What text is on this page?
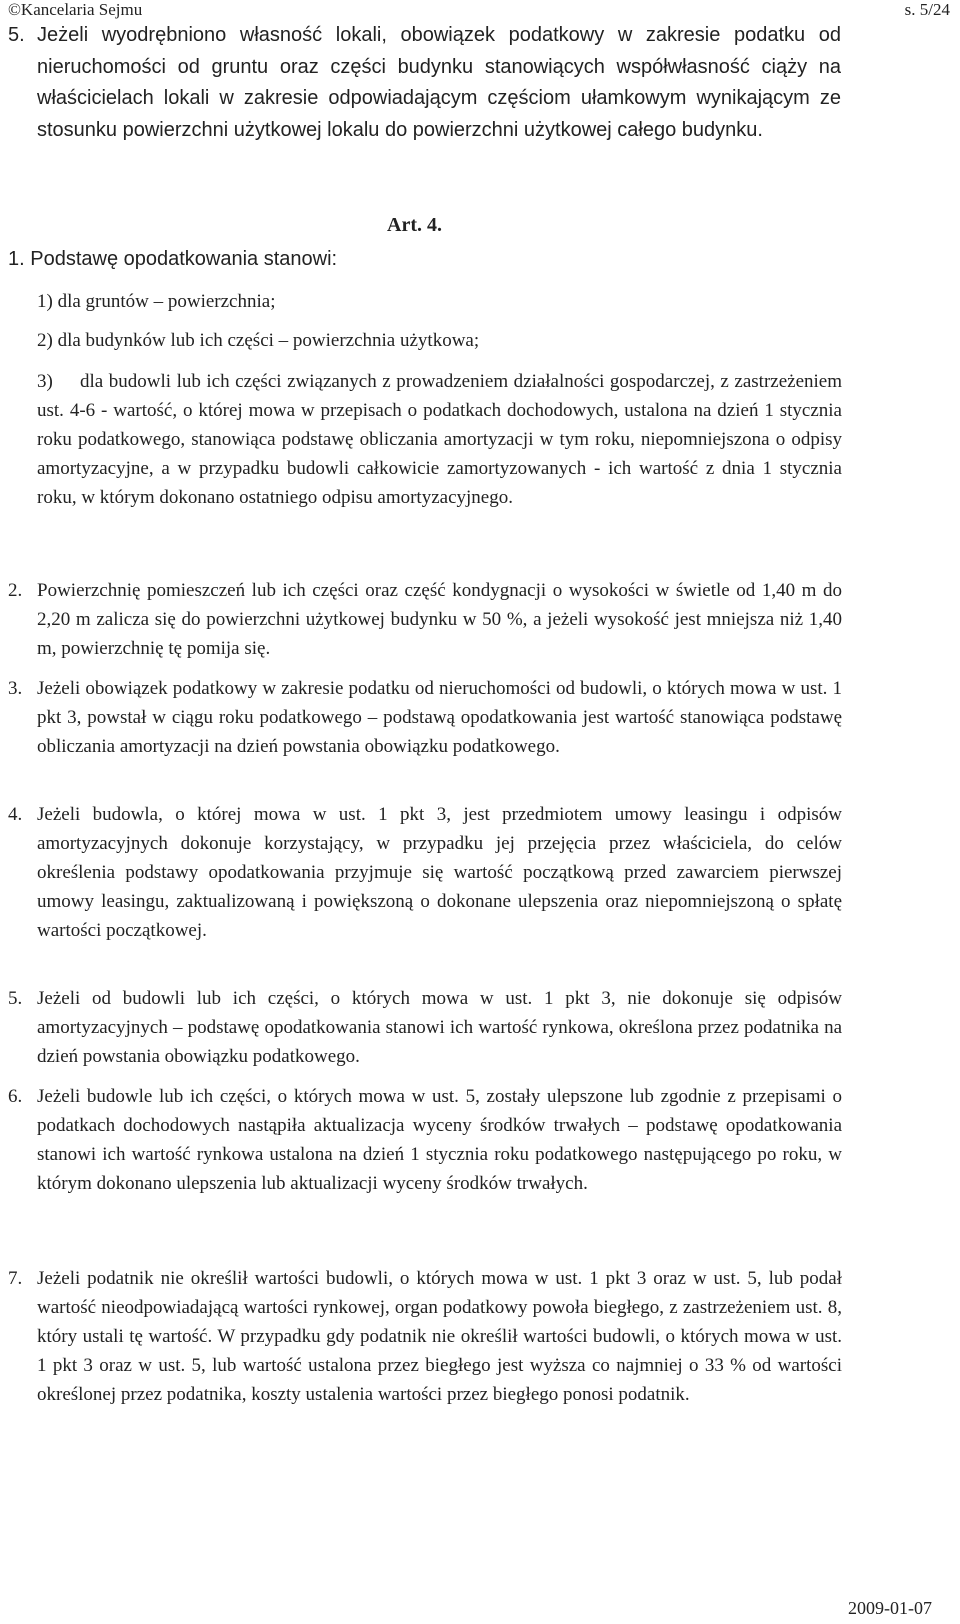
©Kancelaria Sejmu	s. 5/24
5. Jeżeli wyodrębniono własność lokali, obowiązek podatkowy w zakresie podatku od nieruchomości od gruntu oraz części budynku stanowiących współwłasność ciąży na właścicielach lokali w zakresie odpowiadającym częściom ułamkowym wynikającym ze stosunku powierzchni użytkowej lokalu do powierzchni użytkowej całego budynku.
Art. 4.
1. Podstawę opodatkowania stanowi:
1) dla gruntów – powierzchnia;
2) dla budynków lub ich części – powierzchnia użytkowa;
3)	dla budowli lub ich części związanych z prowadzeniem działalności gospodarczej, z zastrzeżeniem ust. 4-6 - wartość, o której mowa w przepisach o podatkach dochodowych, ustalona na dzień 1 stycznia roku podatkowego, stanowiąca podstawę obliczania amortyzacji w tym roku, niepomniejszona o odpisy amortyzacyjne, a w przypadku budowli całkowicie zamortyzowanych - ich wartość z dnia 1 stycznia roku, w którym dokonano ostatniego odpisu amortyzacyjnego.
2. Powierzchnię pomieszczeń lub ich części oraz część kondygnacji o wysokości w świetle od 1,40 m do 2,20 m zalicza się do powierzchni użytkowej budynku w 50 %, a jeżeli wysokość jest mniejsza niż 1,40 m, powierzchnię tę pomija się.
3. Jeżeli obowiązek podatkowy w zakresie podatku od nieruchomości od budowli, o których mowa w ust. 1 pkt 3, powstał w ciągu roku podatkowego – podstawą opodatkowania jest wartość stanowiąca podstawę obliczania amortyzacji na dzień powstania obowiązku podatkowego.
4. Jeżeli budowla, o której mowa w ust. 1 pkt 3, jest przedmiotem umowy leasingu i odpisów amortyzacyjnych dokonuje korzystający, w przypadku jej przejęcia przez właściciela, do celów określenia podstawy opodatkowania przyjmuje się wartość początkową przed zawarciem pierwszej umowy leasingu, zaktualizowaną i powiększoną o dokonane ulepszenia oraz niepomniejszoną o spłatę wartości początkowej.
5. Jeżeli od budowli lub ich części, o których mowa w ust. 1 pkt 3, nie dokonuje się odpisów amortyzacyjnych – podstawę opodatkowania stanowi ich wartość rynkowa, określona przez podatnika na dzień powstania obowiązku podatkowego.
6. Jeżeli budowle lub ich części, o których mowa w ust. 5, zostały ulepszone lub zgodnie z przepisami o podatkach dochodowych nastąpiła aktualizacja wyceny środków trwałych – podstawę opodatkowania stanowi ich wartość rynkowa ustalona na dzień 1 stycznia roku podatkowego następującego po roku, w którym dokonano ulepszenia lub aktualizacji wyceny środków trwałych.
7. Jeżeli podatnik nie określił wartości budowli, o których mowa w ust. 1 pkt 3 oraz w ust. 5, lub podał wartość nieodpowiadającą wartości rynkowej, organ podatkowy powoła biegłego, z zastrzeżeniem ust. 8, który ustali tę wartość. W przypadku gdy podatnik nie określił wartości budowli, o których mowa w ust. 1 pkt 3 oraz w ust. 5, lub wartość ustalona przez biegłego jest wyższa co najmniej o 33 % od wartości określonej przez podatnika, koszty ustalenia wartości przez biegłego ponosi podatnik.
2009-01-07
